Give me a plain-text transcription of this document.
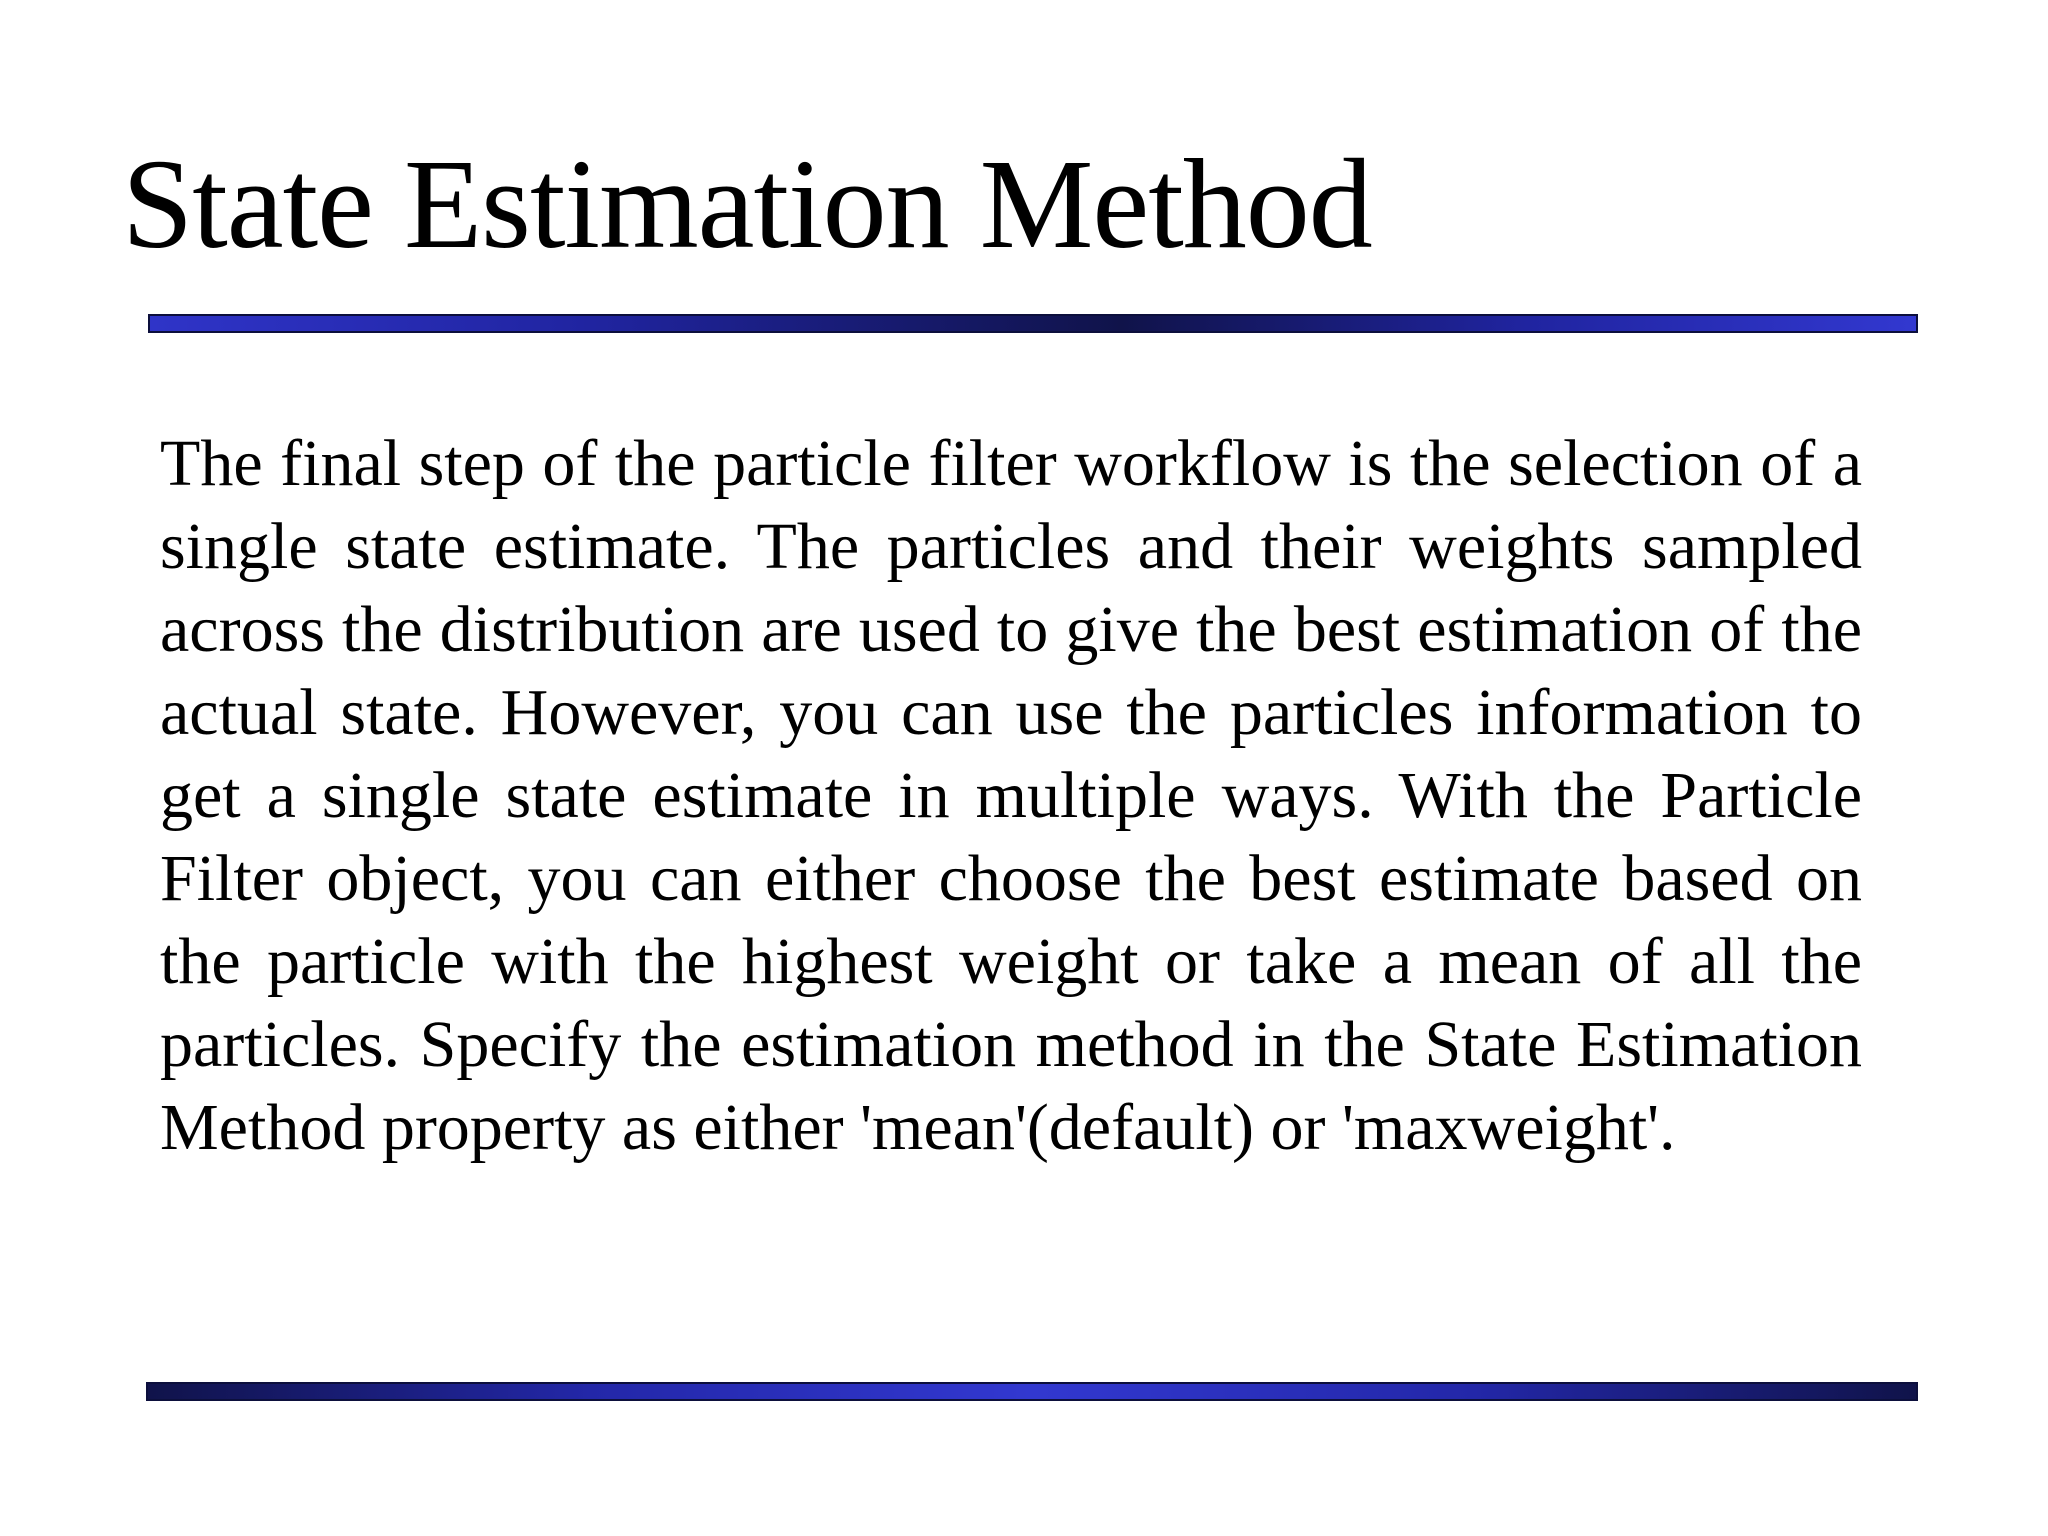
State Estimation Method

The final step of the particle filter workflow is the selection of a single state estimate. The particles and their weights sampled across the distribution are used to give the best estimation of the actual state. However, you can use the particles information to get a single state estimate in multiple ways. With the Particle Filter object, you can either choose the best estimate based on the particle with the highest weight or take a mean of all the particles. Specify the estimation method in the State Estimation Method property as either 'mean'(default) or 'maxweight'.
